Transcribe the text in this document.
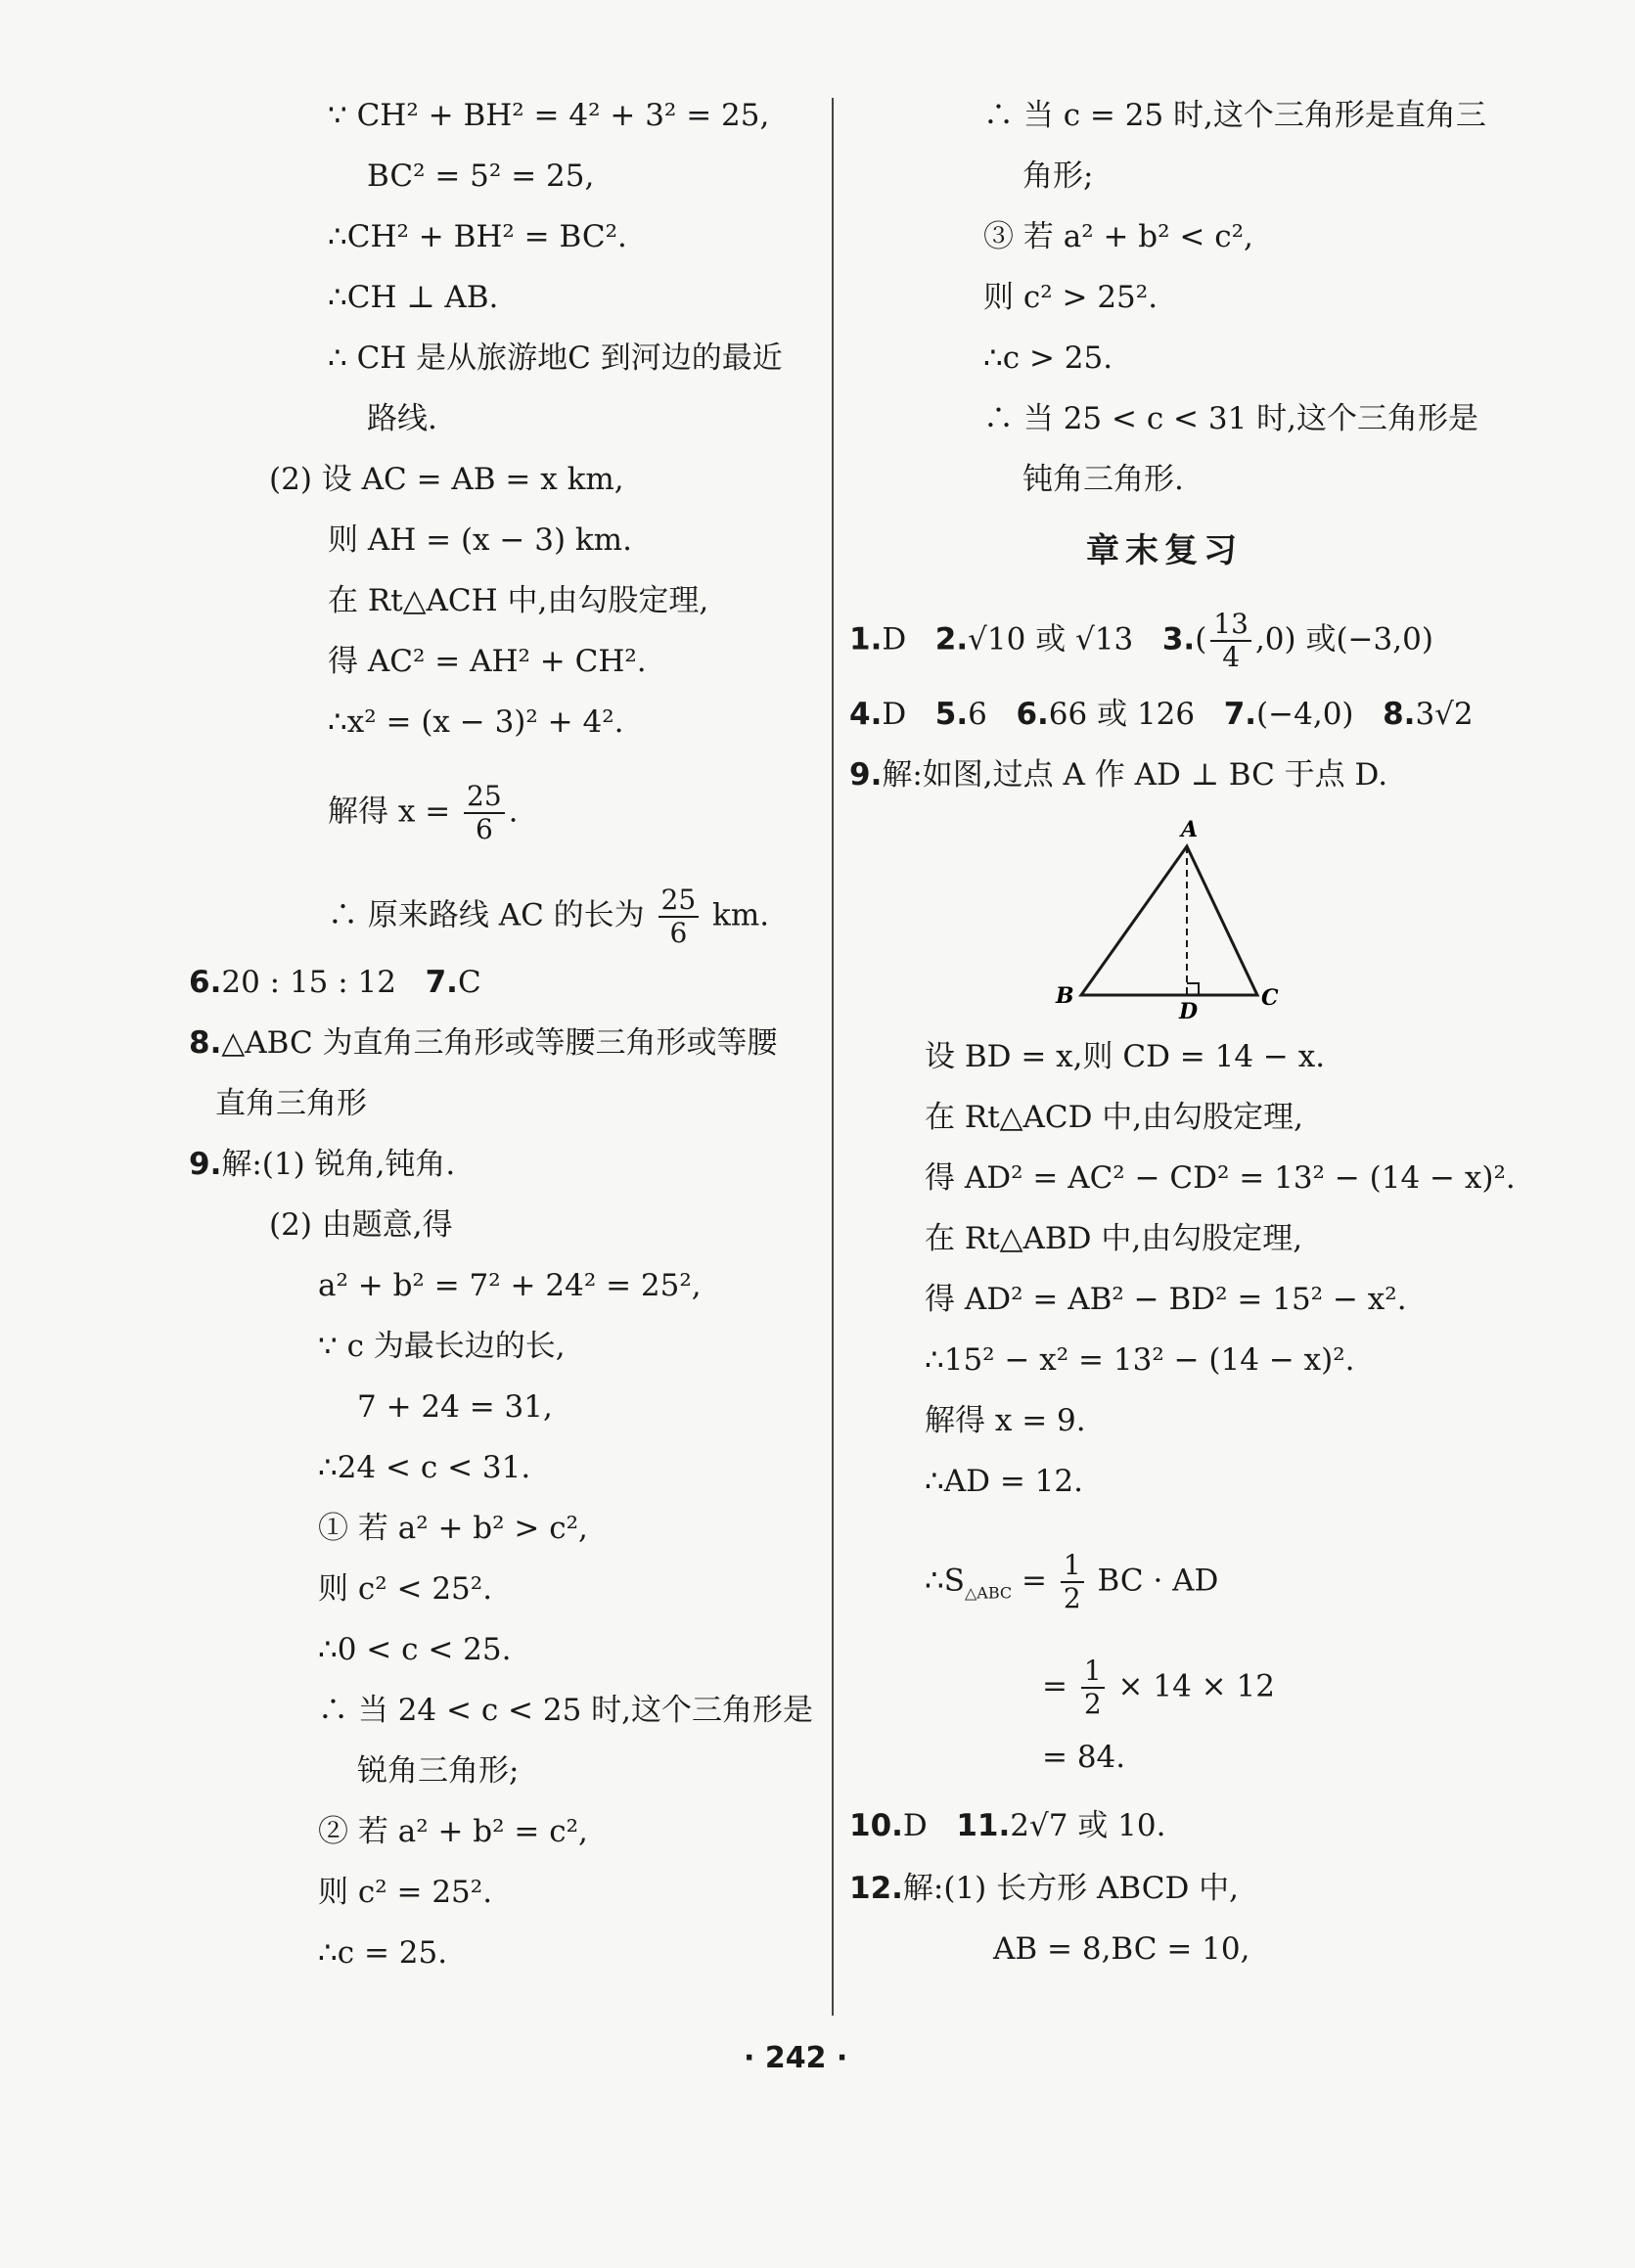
∵ CH² + BH² = 4² + 3² = 25,
BC² = 5² = 25,
∴CH² + BH² = BC².
∴CH ⊥ AB.
∴ CH 是从旅游地C 到河边的最近
路线.
(2) 设 AC = AB = x km,
则 AH = (x − 3) km.
在 Rt△ACH 中,由勾股定理,
得 AC² = AH² + CH².
∴x² = (x − 3)² + 4².
解得 $x = \frac{25}{6}$ .
∴ 原来路线 AC 的长为 $\frac{25}{6}$ km.
6.20 : 15 : 12 7.C
8.△ABC 为直角三角形或等腰三角形或等腰
直角三角形
9.解:(1) 锐角,钝角.
(2) 由题意,得
a² + b² = 7² + 24² = 25²,
∵ c 为最长边的长,
7 + 24 = 31,
∴24 < c < 31.
① 若 a² + b² > c²,
则 c² < 25².
∴0 < c < 25.
∴ 当 24 < c < 25 时,这个三角形是
锐角三角形;
② 若 a² + b² = c²,
则 c² = 25².
∴c = 25.
∴ 当 c = 25 时,这个三角形是直角三
角形;
③ 若 a² + b² < c²,
则 c² > 25².
∴c > 25.
∴ 当 25 < c < 31 时,这个三角形是
钝角三角形.
章末复习
1.D 2.√10 或 √13 $3.( \frac{13}{4} ,0)$ 或(−3,0)
4.D 5.6 6.66 或 126 7.(−4,0) 8.3√2
9.解:如图,过点 A 作 AD ⊥ BC 于点 D.
A
B	C
D
设 BD = x,则 CD = 14 − x.
在 Rt△ACD 中,由勾股定理,
得 AD² = AC² − CD² = 13² − (14 − x)².
在 Rt△ABD 中,由勾股定理,
得 AD² = AB² − BD² = 15² − x².
∴15² − x² = 13² − (14 − x)².
解得 x = 9.
∴AD = 12.
$\therefore S_{\triangle ABC} = \frac{1}{2}$ BC · AD
= $\frac{1}{2} \times 14 \times 12$
= 84.
10.D 11.2√7 或 10.
12.解:(1) 长方形 ABCD 中,
AB = 8,BC = 10,
· 242 ·
